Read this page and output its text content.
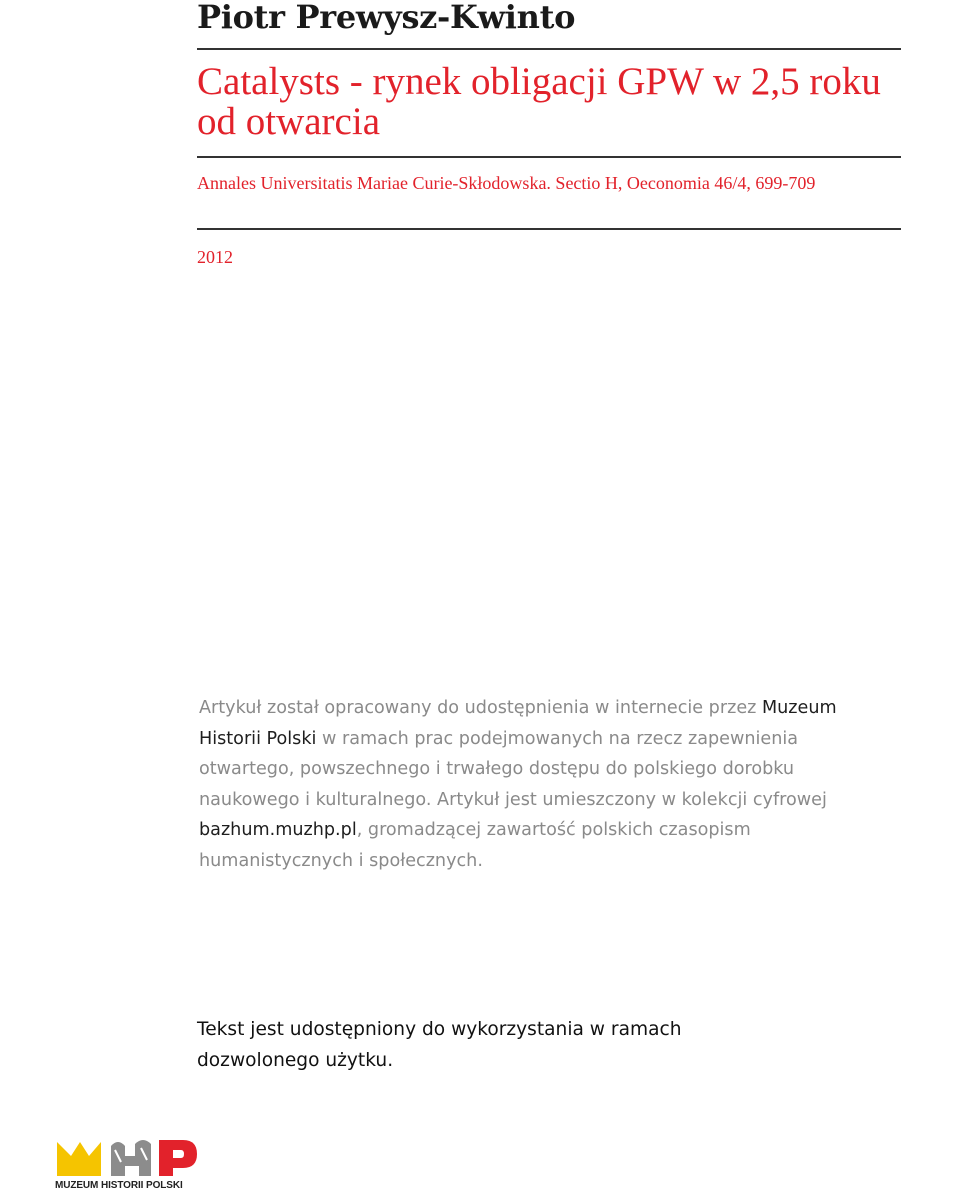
Piotr Prewysz-Kwinto
Catalysts - rynek obligacji GPW w 2,5 roku od otwarcia

Annales Universitatis Mariae Curie-Skłodowska. Sectio H, Oeconomia 46/4, 699-709

2012

Artykuł został opracowany do udostępnienia w internecie przez Muzeum Historii Polski w ramach prac podejmowanych na rzecz zapewnienia otwartego, powszechnego i trwałego dostępu do polskiego dorobku naukowego i kulturalnego. Artykuł jest umieszczony w kolekcji cyfrowej bazhum.muzhp.pl, gromadzącej zawartość polskich czasopism humanistycznych i społecznych.

Tekst jest udostępniony do wykorzystania w ramach dozwolonego użytku.

MUZEUM HISTORII POLSKI
